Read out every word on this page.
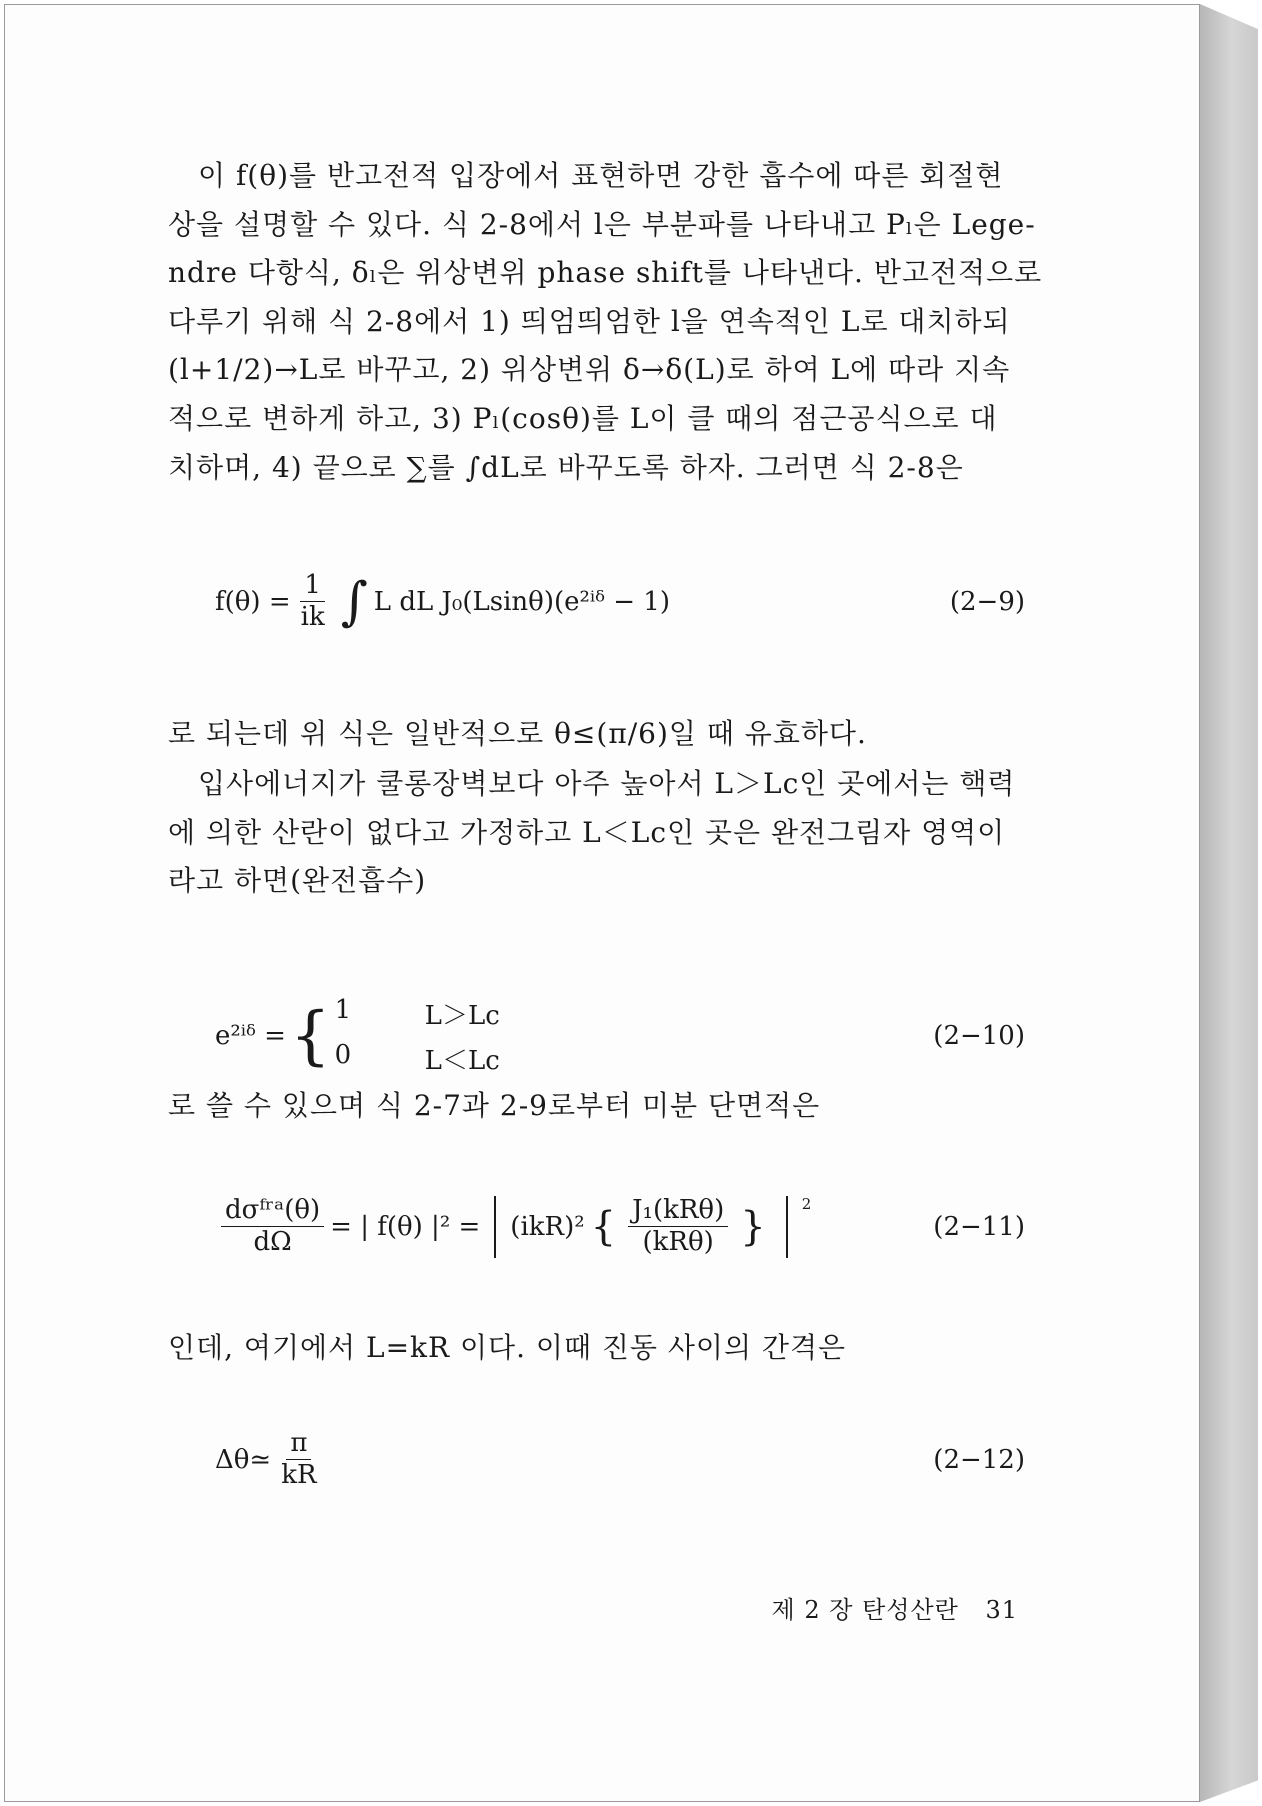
이 f(θ)를 반고전적 입장에서 표현하면 강한 흡수에 따른 회절현
상을 설명할 수 있다. 식 2-8에서 l은 부분파를 나타내고 Pₗ은 Lege-
ndre 다항식, δₗ은 위상변위 phase shift를 나타낸다. 반고전적으로
다루기 위해 식 2-8에서 1) 띄엄띄엄한 l을 연속적인 L로 대치하되
(l+1/2)→L로 바꾸고, 2) 위상변위 δ→δ(L)로 하여 L에 따라 지속
적으로 변하게 하고, 3) Pₗ(cosθ)를 L이 클 때의 점근공식으로 대
치하며, 4) 끝으로 ∑를 ∫dL로 바꾸도록 하자. 그러면 식 2-8은

$f(\theta) = \frac{1}{ik}$ ∫ L dL J₀(Lsinθ)(e²ⁱᵟ − 1)	(2−9)

로 되는데 위 식은 일반적으로 θ≤(π/6)일 때 유효하다.

입사에너지가 쿨롱장벽보다 아주 높아서 L＞Lc인 곳에서는 핵력
에 의한 산란이 없다고 가정하고 L＜Lc인 곳은 완전그림자 영역이
라고 하면(완전흡수)

e²ⁱᵟ = { 1	L＞Lc
0	L＜Lc
(2−10)

로 쓸 수 있으며 식 2-7과 2-9로부터 미분 단면적은

$\frac{\text{dσᶠʳᵃ(θ)}}{d\Omega}$ = | f(θ) |² = (ikR)² { $\frac{\text{J₁(kRθ)}}{\text{(kRθ)}}$ } 2
(2−11)

인데, 여기에서 L=kR 이다. 이때 진동 사이의 간격은

Δθ≃ $\frac{\pi}{kR}$	(2−12)
제 2 장 탄성산란 31
